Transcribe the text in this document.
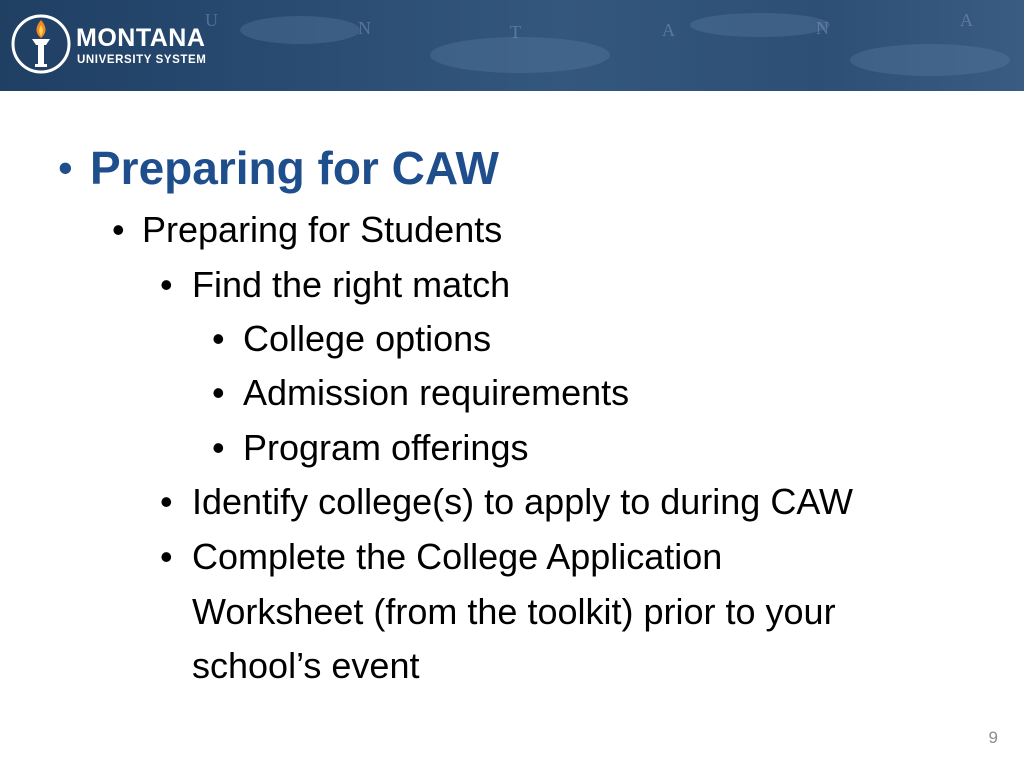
U	N	T	A	N	A
MONTANA
UNIVERSITY SYSTEM
• Preparing for CAW
• Preparing for Students
• Find the right match
• College options
• Admission requirements
• Program offerings
• Identify college(s) to apply to during CAW
• Complete the College Application
Worksheet (from the toolkit) prior to your
school’s event
9
